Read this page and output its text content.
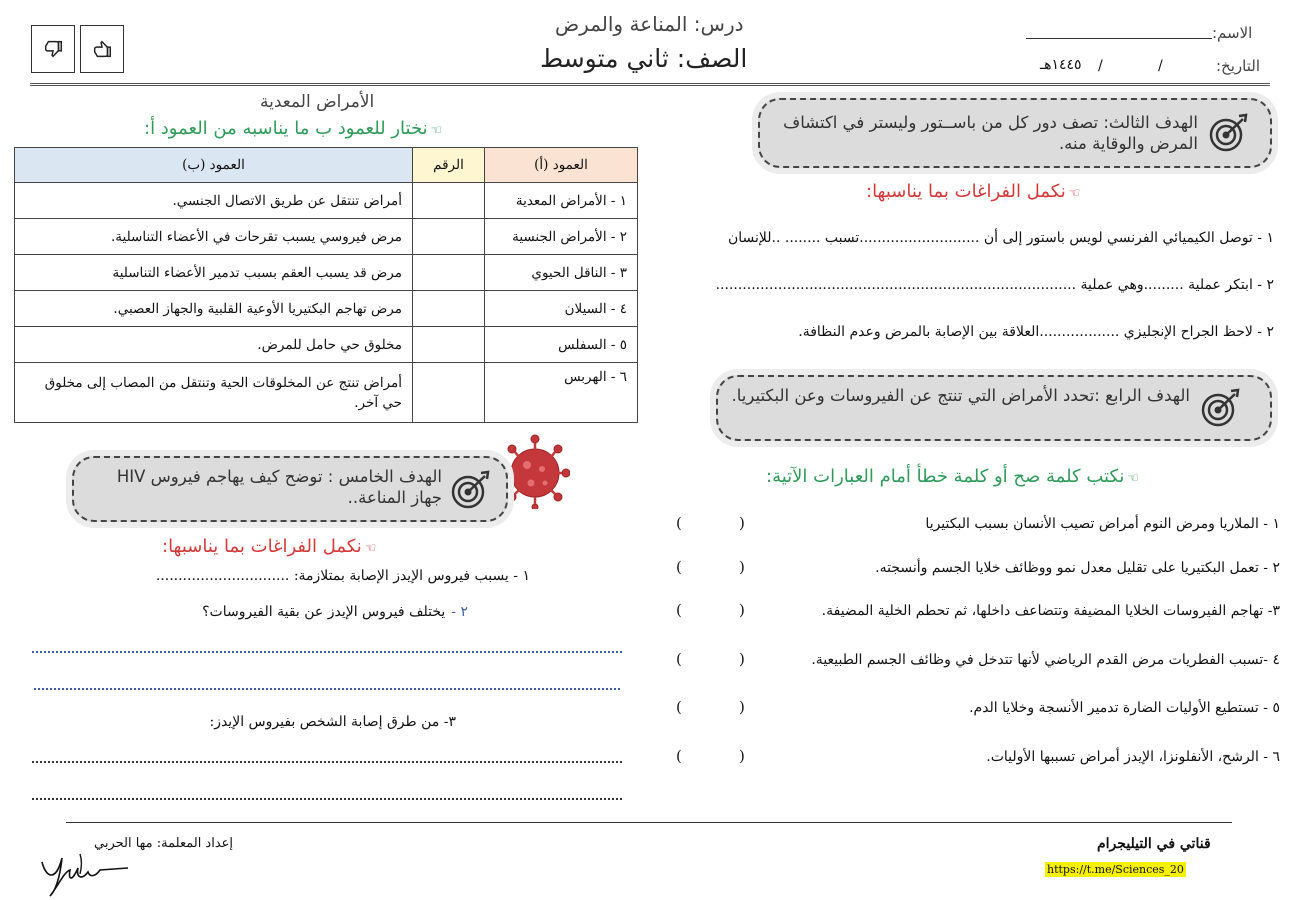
درس: المناعة والمرض
الصف: ثاني متوسط
الاسم:
التاريخ:
/
/
١٤٤٥هـ
الهدف الثالث: تصف دور كل من باســتور وليستر في اكتشاف المرض والوقاية منه.
☜نكمل الفراغات بما يناسبها:
١ - توصل الكيميائي الفرنسي لويس باستور إلى أن ...........................تسبب ........ ..للإنسان
٢ - ابتكر عملية .........وهي عملية .................................................................................
٢ - لاحظ الجراح الإنجليزي ..................العلاقة بين الإصابة بالمرض وعدم النظافة.
الهدف الرابع :تحدد الأمراض التي تنتج عن الفيروسات وعن البكتيريا.
☜نكتب كلمة صح أو كلمة خطأ أمام العبارات الآتية:
١ - الملاريا ومرض النوم أمراض تصيب الأنسان بسبب البكتيريا
٢ - تعمل البكتيريا على تقليل معدل نمو ووظائف خلايا الجسم وأنسجته.
٣- تهاجم الفيروسات الخلايا المضيفة وتتضاعف داخلها، ثم تحطم الخلية المضيفة.
٤ -تسبب الفطريات مرض القدم الرياضي لأنها تتدخل في وظائف الجسم الطبيعية.
٥ - تستطيع الأوليات الضارة تدمير الأنسجة وخلايا الدم.
٦ - الرشح، الأنفلونزا، الإيدز أمراض تسببها الأوليات.
(
)
(
)
(
)
(
)
(
)
(
)
الأمراض المعدية
☜نختار للعمود ب ما يناسبه من العمود أ:
العمود (أ)	الرقم	العمود (ب)
١ - الأمراض المعدية		أمراض تنتقل عن طريق الاتصال الجنسي.
٢ - الأمراض الجنسية		مرض فيروسي يسبب تقرحات في الأعضاء التناسلية.
٣ - الناقل الحيوي		مرض قد يسبب العقم بسبب تدمير الأعضاء التناسلية
٤ - السيلان		مرض تهاجم البكتيريا الأوعية القلبية والجهاز العصبي.
٥ - السفلس		مخلوق حي حامل للمرض.
٦ - الهربس		أمراض تنتج عن المخلوقات الحية وتنتقل من المصاب إلى مخلوق حي آخر.
الهدف الخامس : توضح كيف يهاجم فيروس HIV جهاز المناعة..
☜نكمل الفراغات بما يناسبها:
١ - يسبب فيروس الإيدز الإصابة بمتلازمة: ..............................
٢ -يختلف فيروس الإيدز عن بقية الفيروسات؟
٣- من طرق إصابة الشخص بفيروس الإيدز:
قناتي في التيليجرام
https://t.me/Sciences_20
إعداد المعلمة: مها الحربي
